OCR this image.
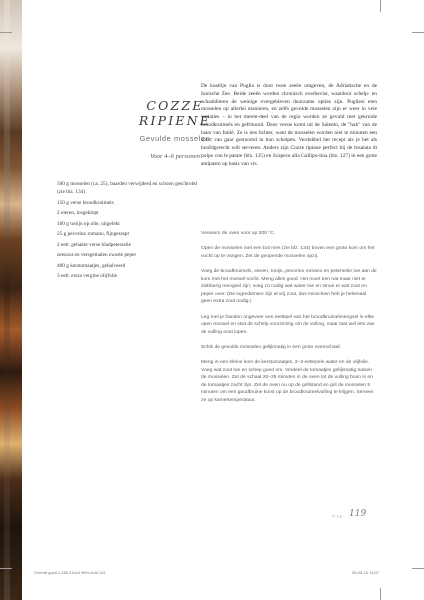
COZZE
RIPIENE
Gevulde mosselen
Voor 4–6 personen
500 g mosselen (ca. 25), baarden verwijderd en schoon geschrobd (zie blz. 134)
150 g verse broodkruimels
2 eieren, losgeklopt
100 g tonijn op olie, uitgelekt
25 g pecorino romano, fijngeraspt
2 eetl. gehakte verse bladpeterselie
zeezout en versgemalen zwarte peper
400 g kerstomaatjes, gehalveerd
3 eetl. extra vergine olijfolie
De kustlijn van Puglia is door twee zeeën omgeven, de Adriatische en de Ionische Zee. Beide zeeën worden chronisch overbevist, waardoor schelp- en schaaldieren de weinige overgebleven duurzame opties zijn. Pugliesi eten mosselen op allerlei manieren, en zelfs gevulde mosselen zijn er weer in vele variaties – in het meren-deel van de regio worden ze gevuld met gekruide broodkruimels en gefrituurd. Deze versie komt uit de Salento, de "hak" van de laars van Italië. Ze is iets lichter, want de mosselen worden niet te minuten een soort van gaar gestoomd in hun schelpen. Verdubbel het recept als je het als hoofdgerecht wilt serveren. Anders zijn Cozze ripiene perfect bij de Insalata di polpo con le patate (blz. 135) en Scapece alla Gallipo-lina (blz. 127) in een grote antipasto op basis van vis.

Verwarm de oven voor op 200 °C.

Open de mosselen met een bot mes (zie blz. 134) boven een grote kom om het vocht op te vangen. Zet de geopende mosselen opzij.

Voeg de broodkruimels, eieren, tonijn, pecorino romano en peterselie toe aan de kom met het mossel-vocht. Meng alles goed. Het moet een nat maar niet te slobberig mengsel zijn; voeg zo nodig wat water toe en strooi er wat zout en peper over. (De ingrediënten zijn al vrij zout, dus misschien heb je helemaal geen extra zout nodig.)

Leg met je handen ongeveer een eetlepel van het broodkruimelmengsel in elke open mossel en sluit de schelp voorzichtig om de vulling, maar laat wel iets van de vulling eruit lopen.

Schik de gevulde mosselen gelijkmatig in een grote ovenschaal.

Meng in een kleine kom de kerstomaatjes, 2–3 eetlepels water en de olijfolie. Voeg wat zout toe en schep goed om. Verdeel de tomaatjes gelijkmatig tussen de mosselen. Zet de schaal 20–25 minuten in de oven tot de vulling bruin is en de tomaatjes zacht zijn. Zet de oven nu op de grillstand en gril de mosselen 5 minuten om een goudbruine korst op de broodkruimelvulling te krijgen. Serveer ze op kamertemperatuur.

VIS 119
Griendt gusti 1-256 21x24 96%.indd 119	08-05-15 14:07
